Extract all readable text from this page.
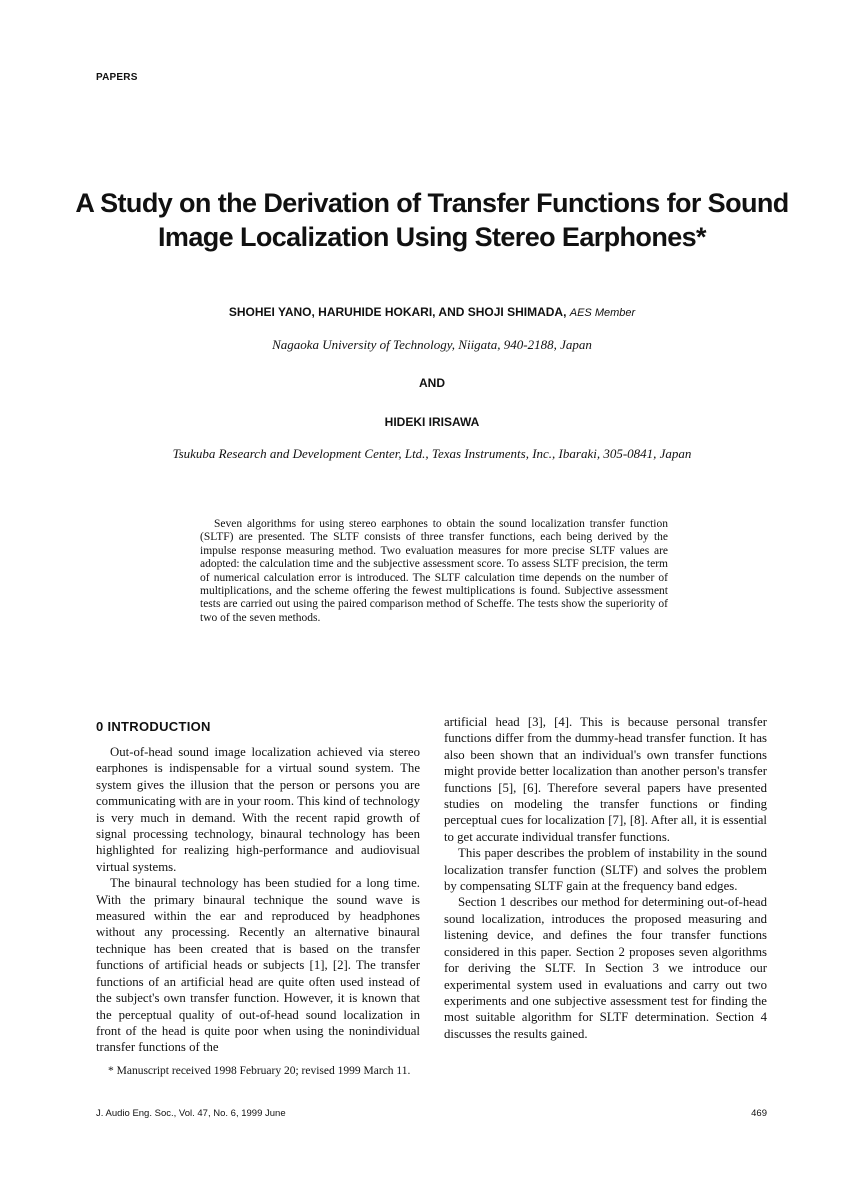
PAPERS
A Study on the Derivation of Transfer Functions for Sound
Image Localization Using Stereo Earphones*
SHOHEI YANO, HARUHIDE HOKARI, AND SHOJI SHIMADA, AES Member
Nagaoka University of Technology, Niigata, 940-2188, Japan
AND
HIDEKI IRISAWA
Tsukuba Research and Development Center, Ltd., Texas Instruments, Inc., Ibaraki, 305-0841, Japan

Seven algorithms for using stereo earphones to obtain the sound localization transfer function (SLTF) are presented. The SLTF consists of three transfer functions, each being derived by the impulse response measuring method. Two evaluation measures for more precise SLTF values are adopted: the calculation time and the subjective assessment score. To assess SLTF precision, the term of numerical calculation error is introduced. The SLTF calculation time depends on the number of multiplications, and the scheme offering the fewest multiplications is found. Subjective assessment tests are carried out using the paired comparison method of Scheffe. The tests show the superiority of two of the seven methods.

0 INTRODUCTION

Out-of-head sound image localization achieved via stereo earphones is indispensable for a virtual sound system. The system gives the illusion that the person or persons you are communicating with are in your room. This kind of technology is very much in demand. With the recent rapid growth of signal processing technology, binaural technology has been highlighted for realizing high-performance and audiovisual virtual systems.

The binaural technology has been studied for a long time. With the primary binaural technique the sound wave is measured within the ear and reproduced by headphones without any processing. Recently an alternative binaural technique has been created that is based on the transfer functions of artificial heads or subjects [1], [2]. The transfer functions of an artificial head are quite often used instead of the subject's own transfer function. However, it is known that the perceptual quality of out-of-head sound localization in front of the head is quite poor when using the nonindividual transfer functions of the

* Manuscript received 1998 February 20; revised 1999 March 11.

artificial head [3], [4]. This is because personal transfer functions differ from the dummy-head transfer function. It has also been shown that an individual's own transfer functions might provide better localization than another person's transfer functions [5], [6]. Therefore several papers have presented studies on modeling the transfer functions or finding perceptual cues for localization [7], [8]. After all, it is essential to get accurate individual transfer functions.

This paper describes the problem of instability in the sound localization transfer function (SLTF) and solves the problem by compensating SLTF gain at the frequency band edges.

Section 1 describes our method for determining out-of-head sound localization, introduces the proposed measuring and listening device, and defines the four transfer functions considered in this paper. Section 2 proposes seven algorithms for deriving the SLTF. In Section 3 we introduce our experimental system used in evaluations and carry out two experiments and one subjective assessment test for finding the most suitable algorithm for SLTF determination. Section 4 discusses the results gained.

J. Audio Eng. Soc., Vol. 47, No. 6, 1999 June	469
